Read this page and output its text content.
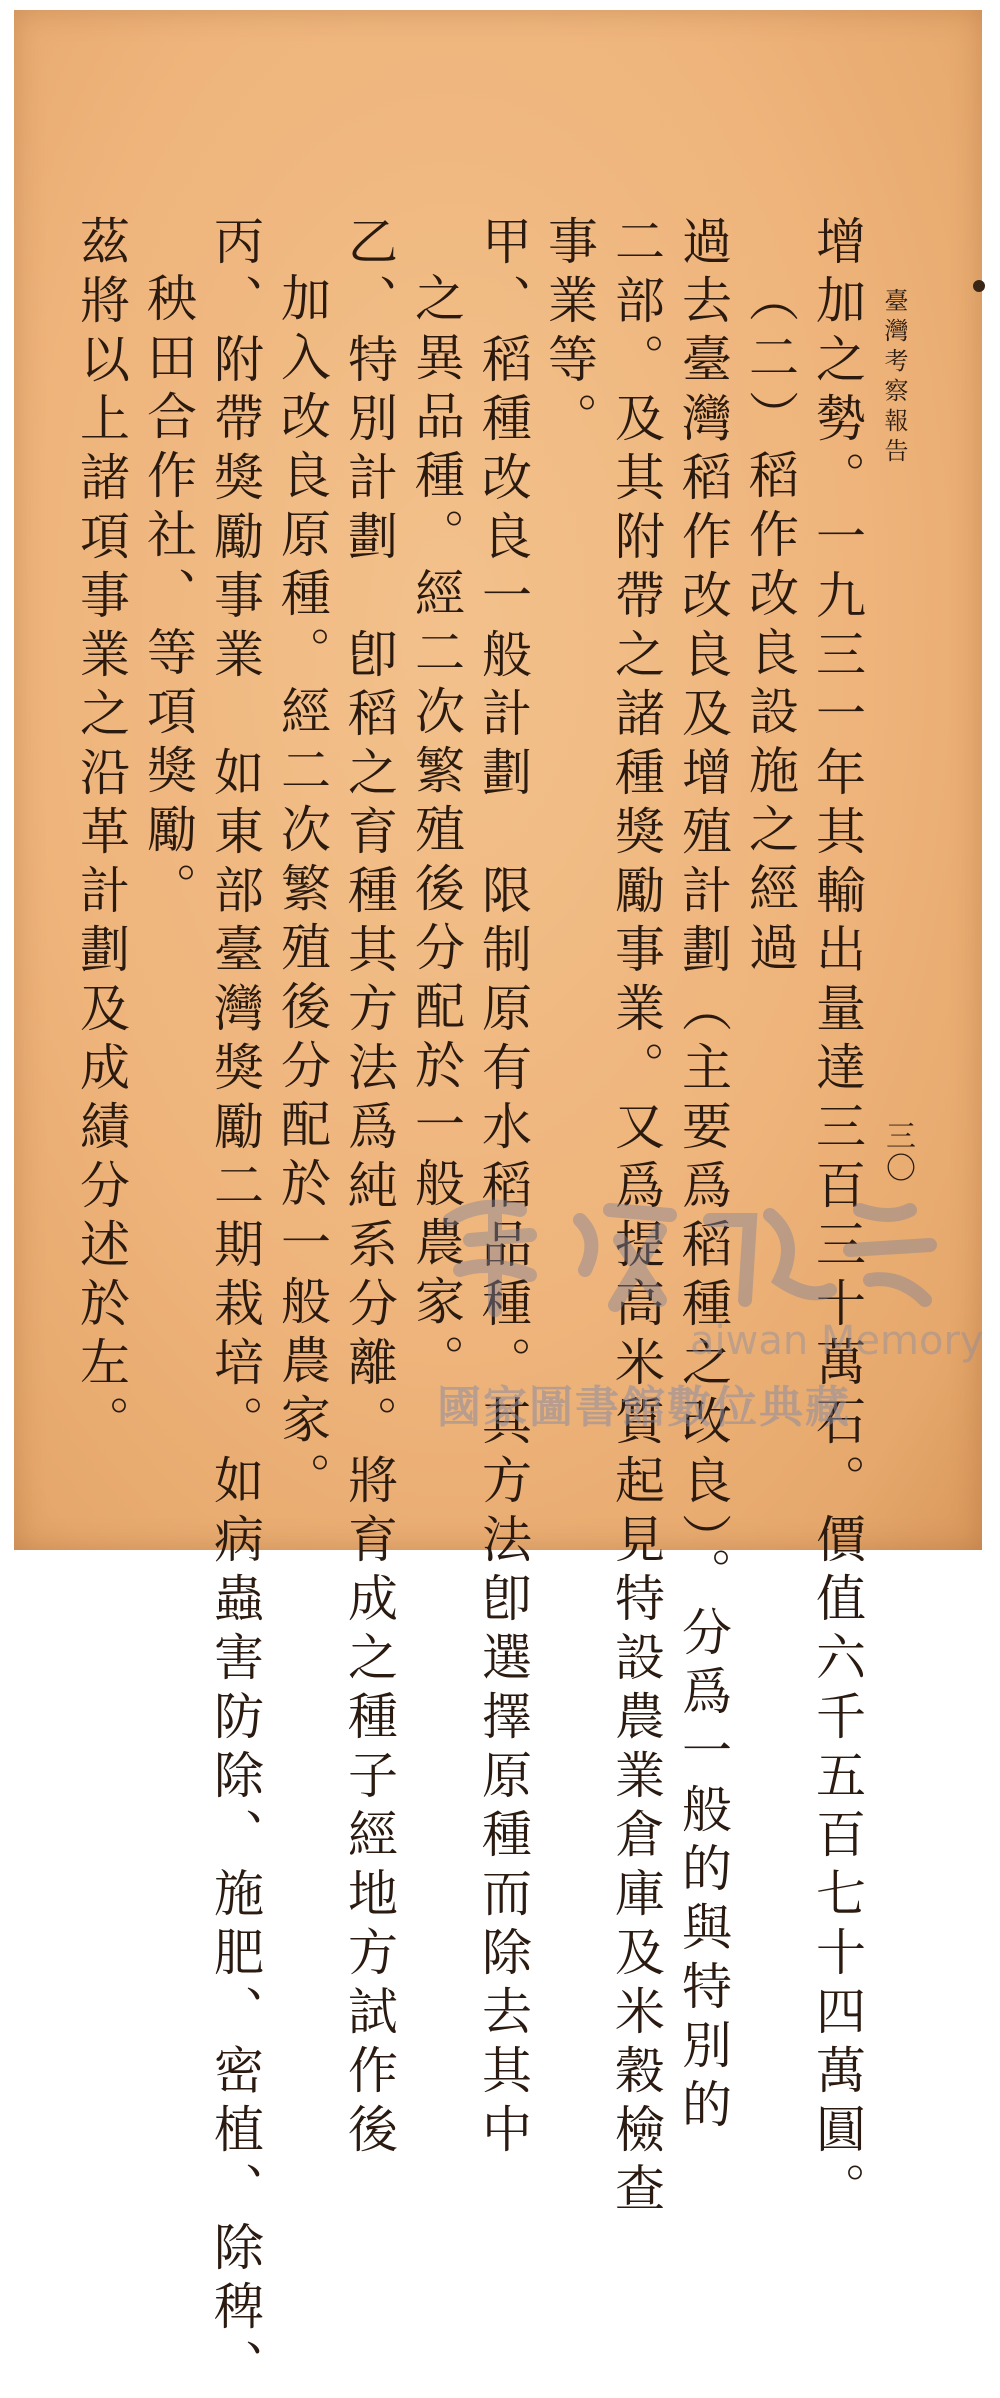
臺灣考察報告
三〇
增加之勢。一九三一年其輸出量達三百三十萬石。價值六千五百七十四萬圓。
（二）稻作改良設施之經過
過去臺灣稻作改良及增殖計劃（主要爲稻種之改良）。分爲一般的與特別的
二部。及其附帶之諸種獎勵事業。又爲提高米質起見特設農業倉庫及米穀檢查
事業等。
甲、稻種改良一般計劃　限制原有水稻品種。其方法卽選擇原種而除去其中
之異品種。經二次繁殖後分配於一般農家。
乙、特別計劃　卽稻之育種其方法爲純系分離。將育成之種子經地方試作後
加入改良原種。經二次繁殖後分配於一般農家。
丙、附帶獎勵事業　如東部臺灣獎勵二期栽培。如病蟲害防除、施肥、密植、除稗、
秧田合作社、等項獎勵。
茲將以上諸項事業之沿革計劃及成績分述於左。	aiwan Memory
國家圖書館數位典藏
